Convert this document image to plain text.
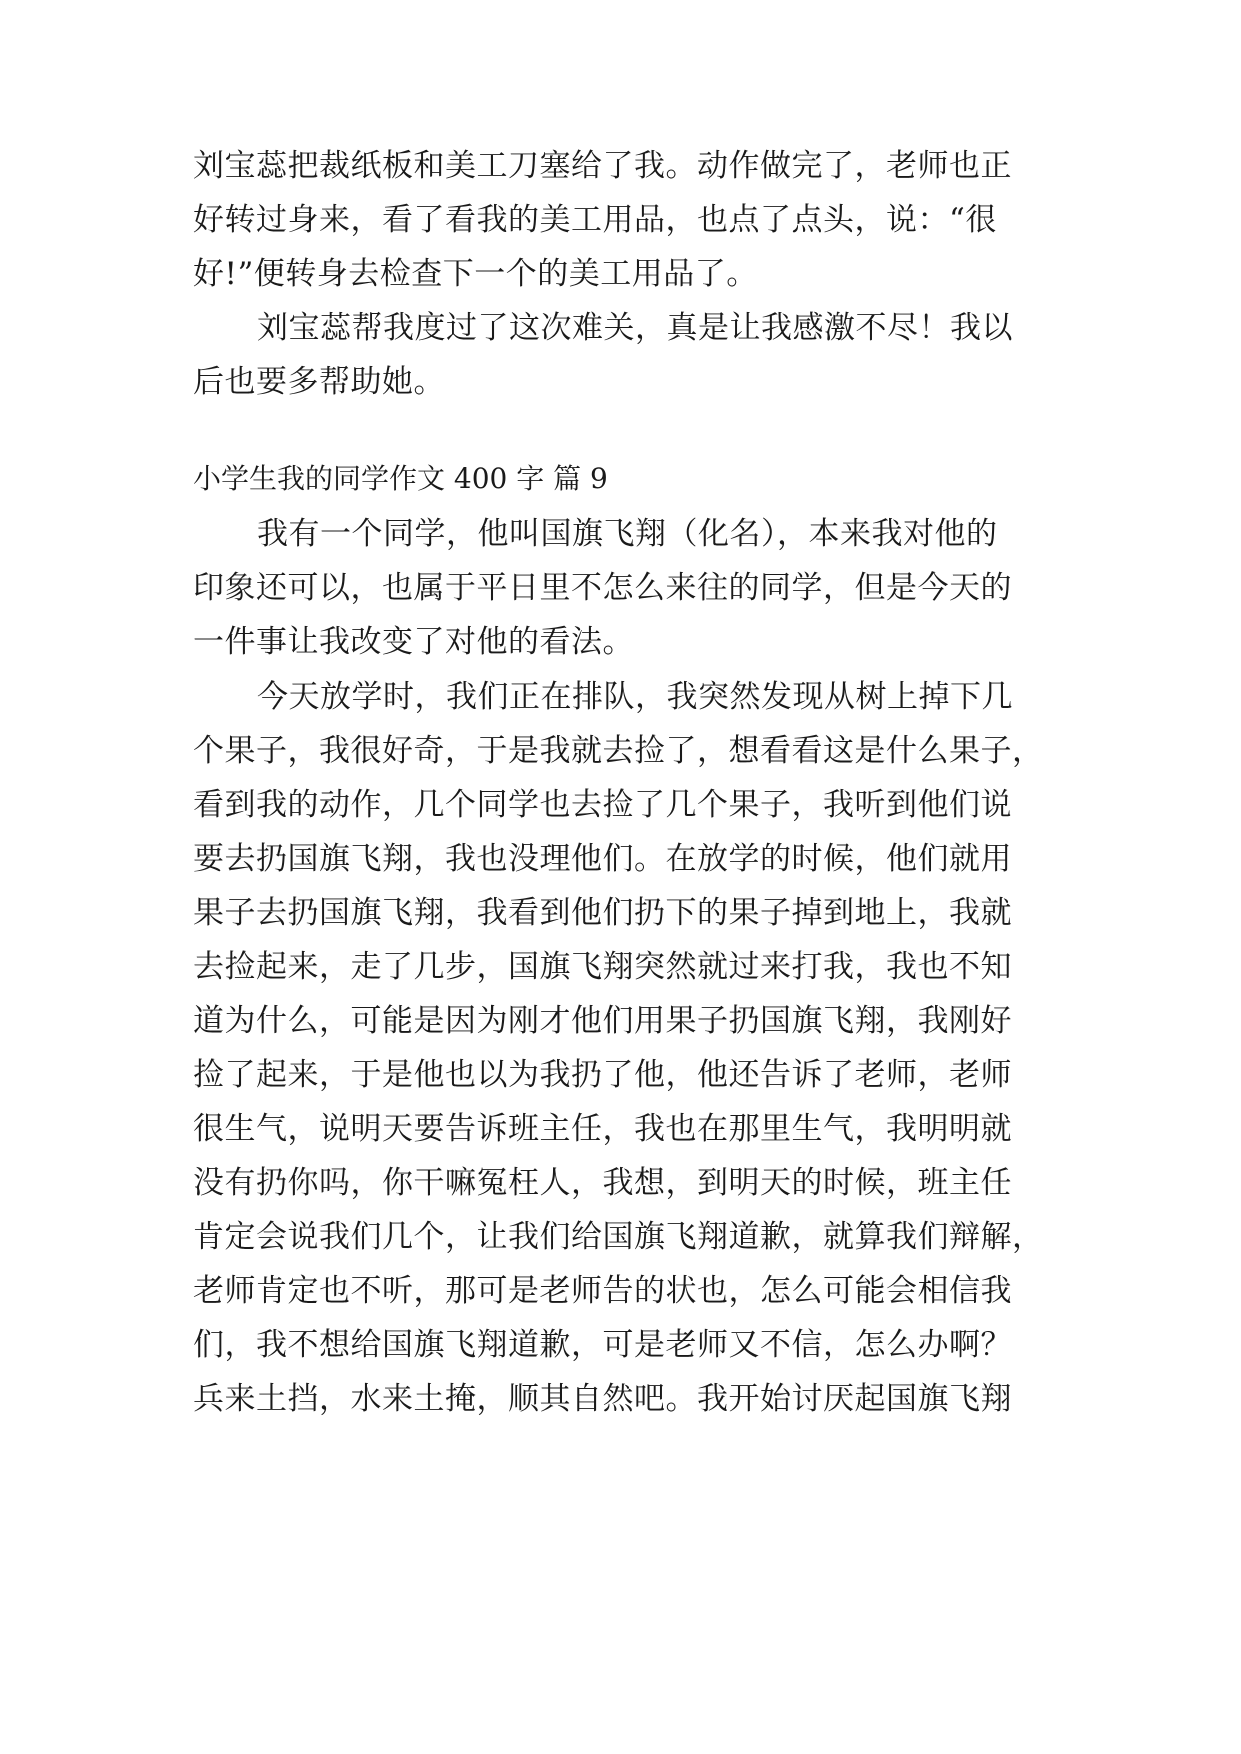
刘宝蕊把裁纸板和美工刀塞给了我。动作做完了，老师也正

好转过身来，看了看我的美工用品，也点了点头，说：“很

好!”便转身去检查下一个的美工用品了。

刘宝蕊帮我度过了这次难关，真是让我感激不尽！我以

后也要多帮助她。

小学生我的同学作文 400 字 篇 9

我有一个同学，他叫国旗飞翔（化名），本来我对他的

印象还可以，也属于平日里不怎么来往的同学，但是今天的

一件事让我改变了对他的看法。

今天放学时，我们正在排队，我突然发现从树上掉下几

个果子，我很好奇，于是我就去捡了，想看看这是什么果子，

看到我的动作，几个同学也去捡了几个果子，我听到他们说

要去扔国旗飞翔，我也没理他们。在放学的时候，他们就用

果子去扔国旗飞翔，我看到他们扔下的果子掉到地上，我就

去捡起来，走了几步，国旗飞翔突然就过来打我，我也不知

道为什么，可能是因为刚才他们用果子扔国旗飞翔，我刚好

捡了起来，于是他也以为我扔了他，他还告诉了老师，老师

很生气，说明天要告诉班主任，我也在那里生气，我明明就

没有扔你吗，你干嘛冤枉人，我想，到明天的时候，班主任

肯定会说我们几个，让我们给国旗飞翔道歉，就算我们辩解，

老师肯定也不听，那可是老师告的状也，怎么可能会相信我

们，我不想给国旗飞翔道歉，可是老师又不信，怎么办啊？

兵来土挡，水来土掩，顺其自然吧。我开始讨厌起国旗飞翔
